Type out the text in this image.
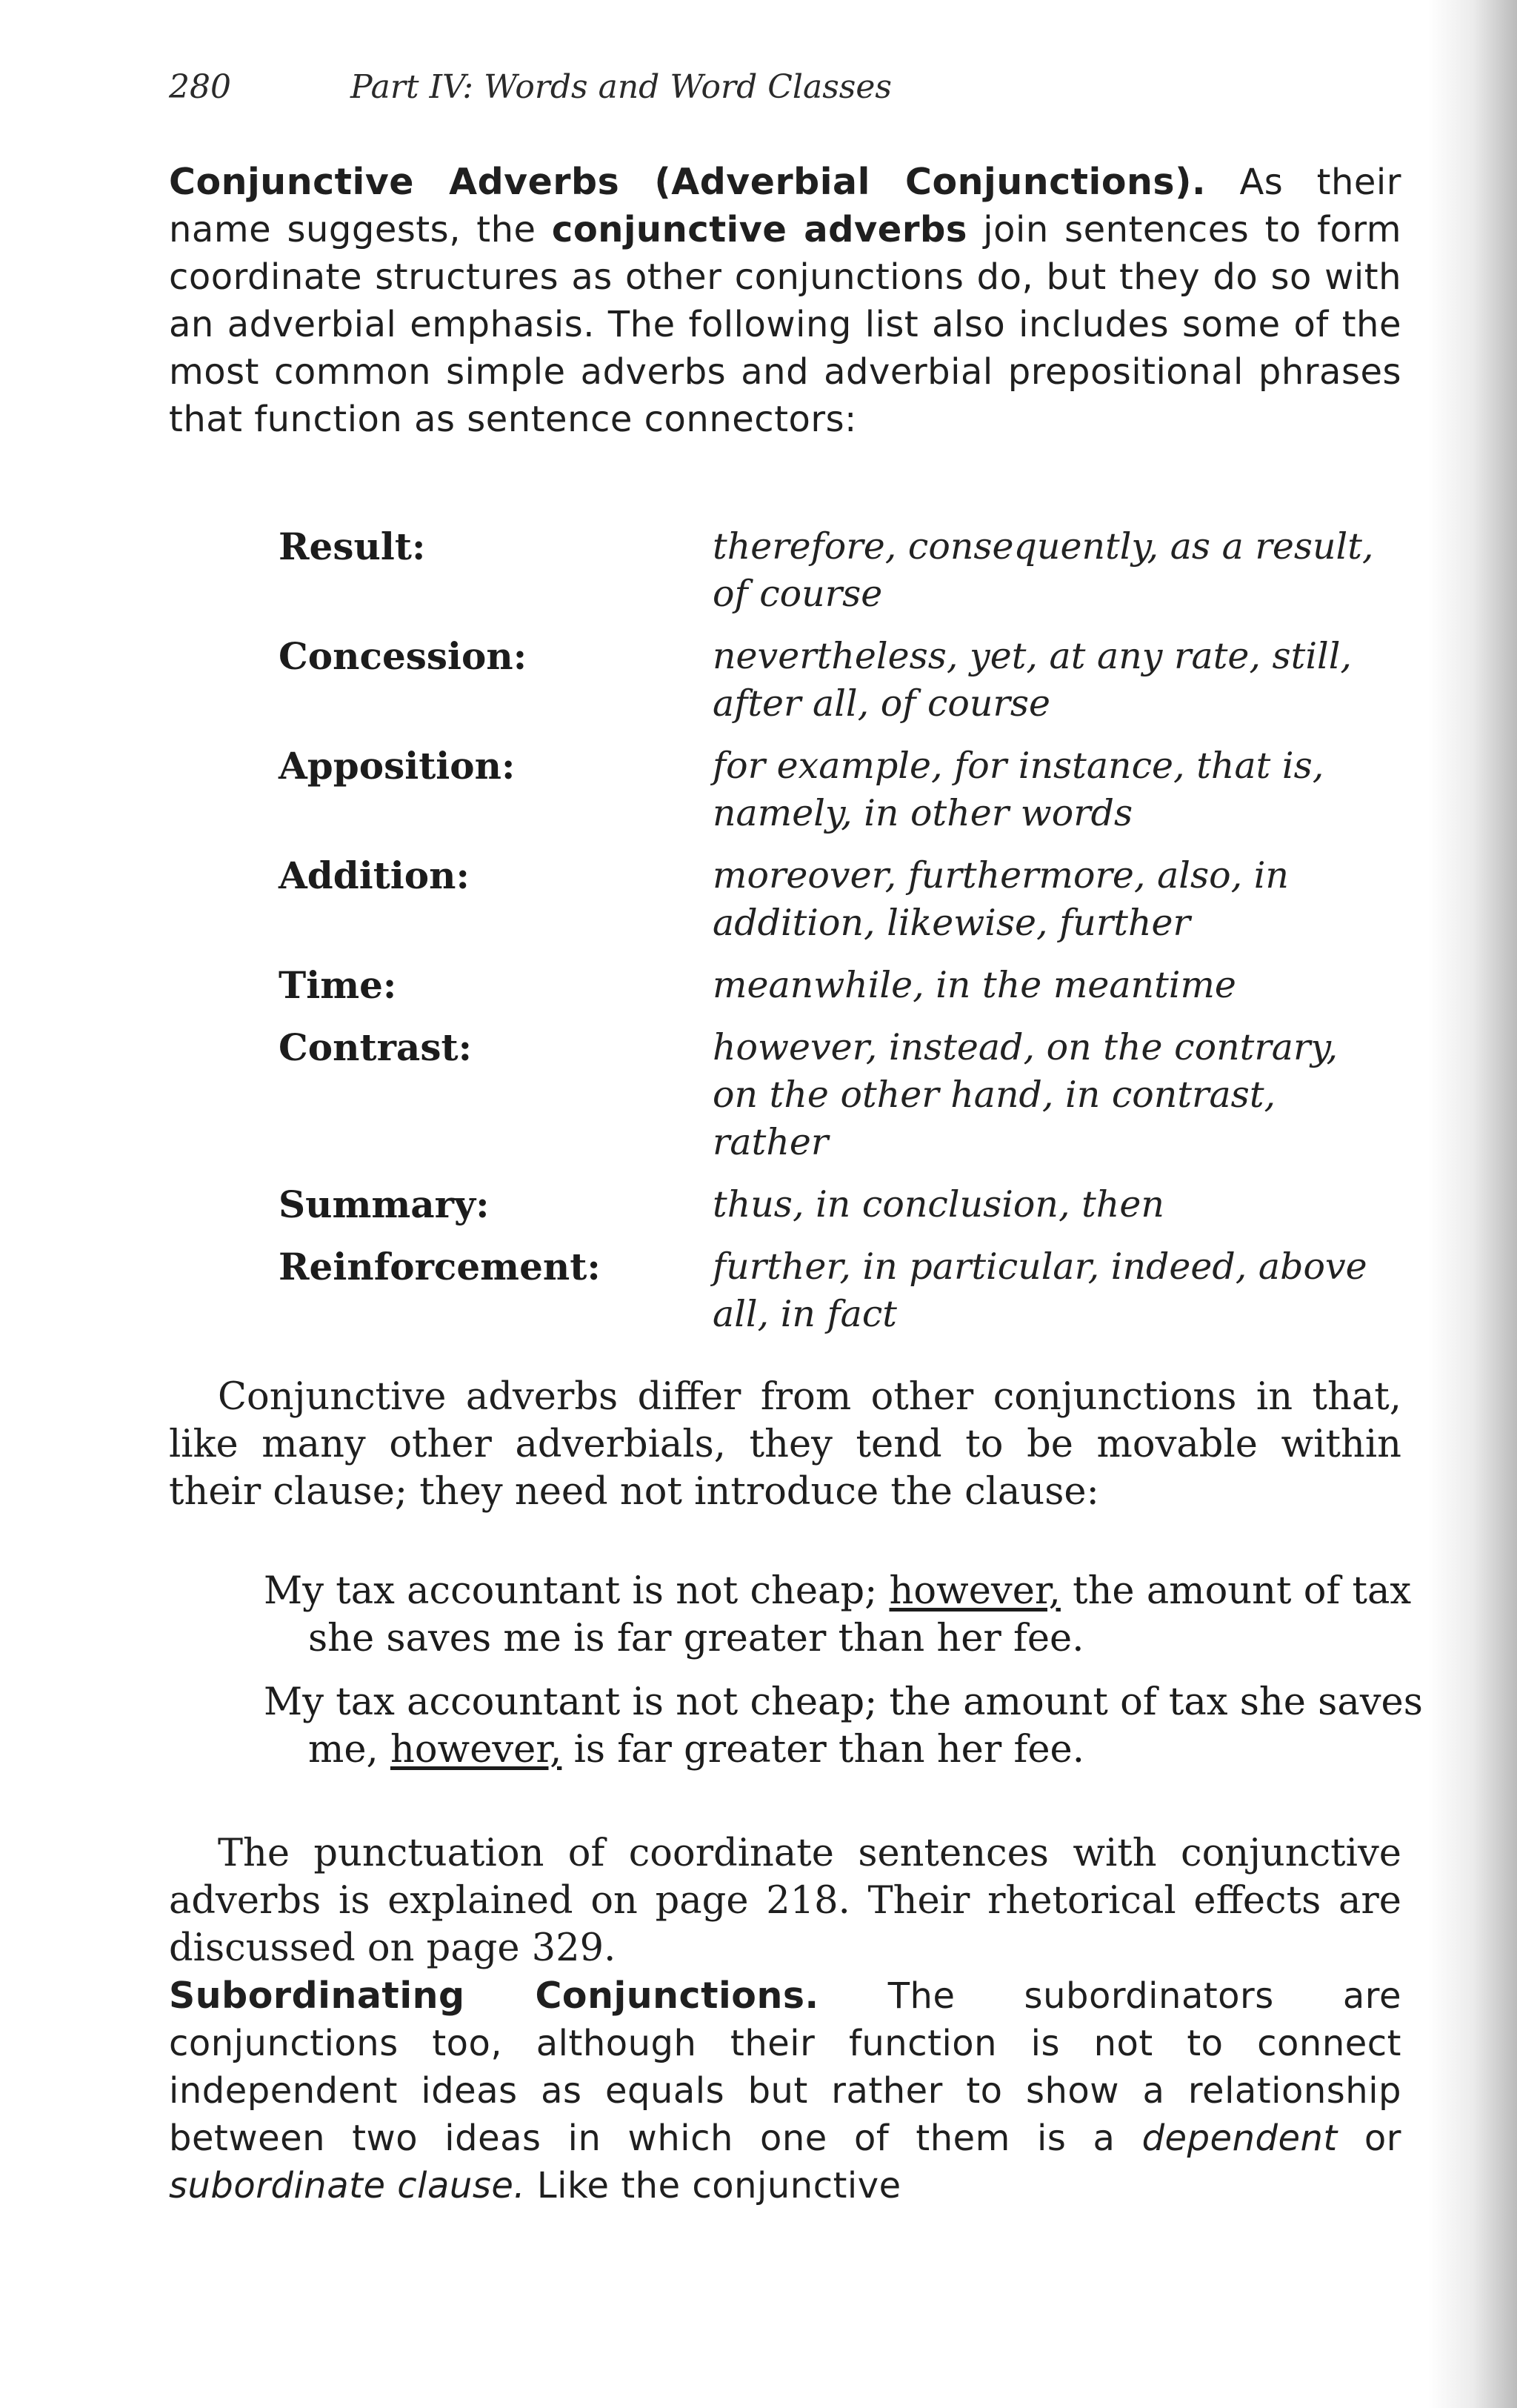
280	Part IV: Words and Word Classes
Conjunctive Adverbs (Adverbial Conjunctions). As their name suggests, the conjunctive adverbs join sentences to form coordinate structures as other conjunctions do, but they do so with an adverbial emphasis. The following list also includes some of the most common simple adverbs and adverbial prepositional phrases that function as sentence connectors:
Result:	therefore, consequently, as a result, of course
Concession:	nevertheless, yet, at any rate, still, after all, of course
Apposition:	for example, for instance, that is, namely, in other words
Addition:	moreover, furthermore, also, in addition, likewise, further
Time:	meanwhile, in the meantime
Contrast:	however, instead, on the contrary, on the other hand, in contrast, rather
Summary:	thus, in conclusion, then
Reinforcement:	further, in particular, indeed, above all, in fact
Conjunctive adverbs differ from other conjunctions in that, like many other adverbials, they tend to be movable within their clause; they need not introduce the clause:
My tax accountant is not cheap; however, the amount of tax she saves me is far greater than her fee.
My tax accountant is not cheap; the amount of tax she saves me, however, is far greater than her fee.
The punctuation of coordinate sentences with conjunctive adverbs is explained on page 218. Their rhetorical effects are discussed on page 329.
Subordinating Conjunctions. The subordinators are conjunctions too, although their function is not to connect independent ideas as equals but rather to show a relationship between two ideas in which one of them is a dependent or subordinate clause. Like the conjunctive
